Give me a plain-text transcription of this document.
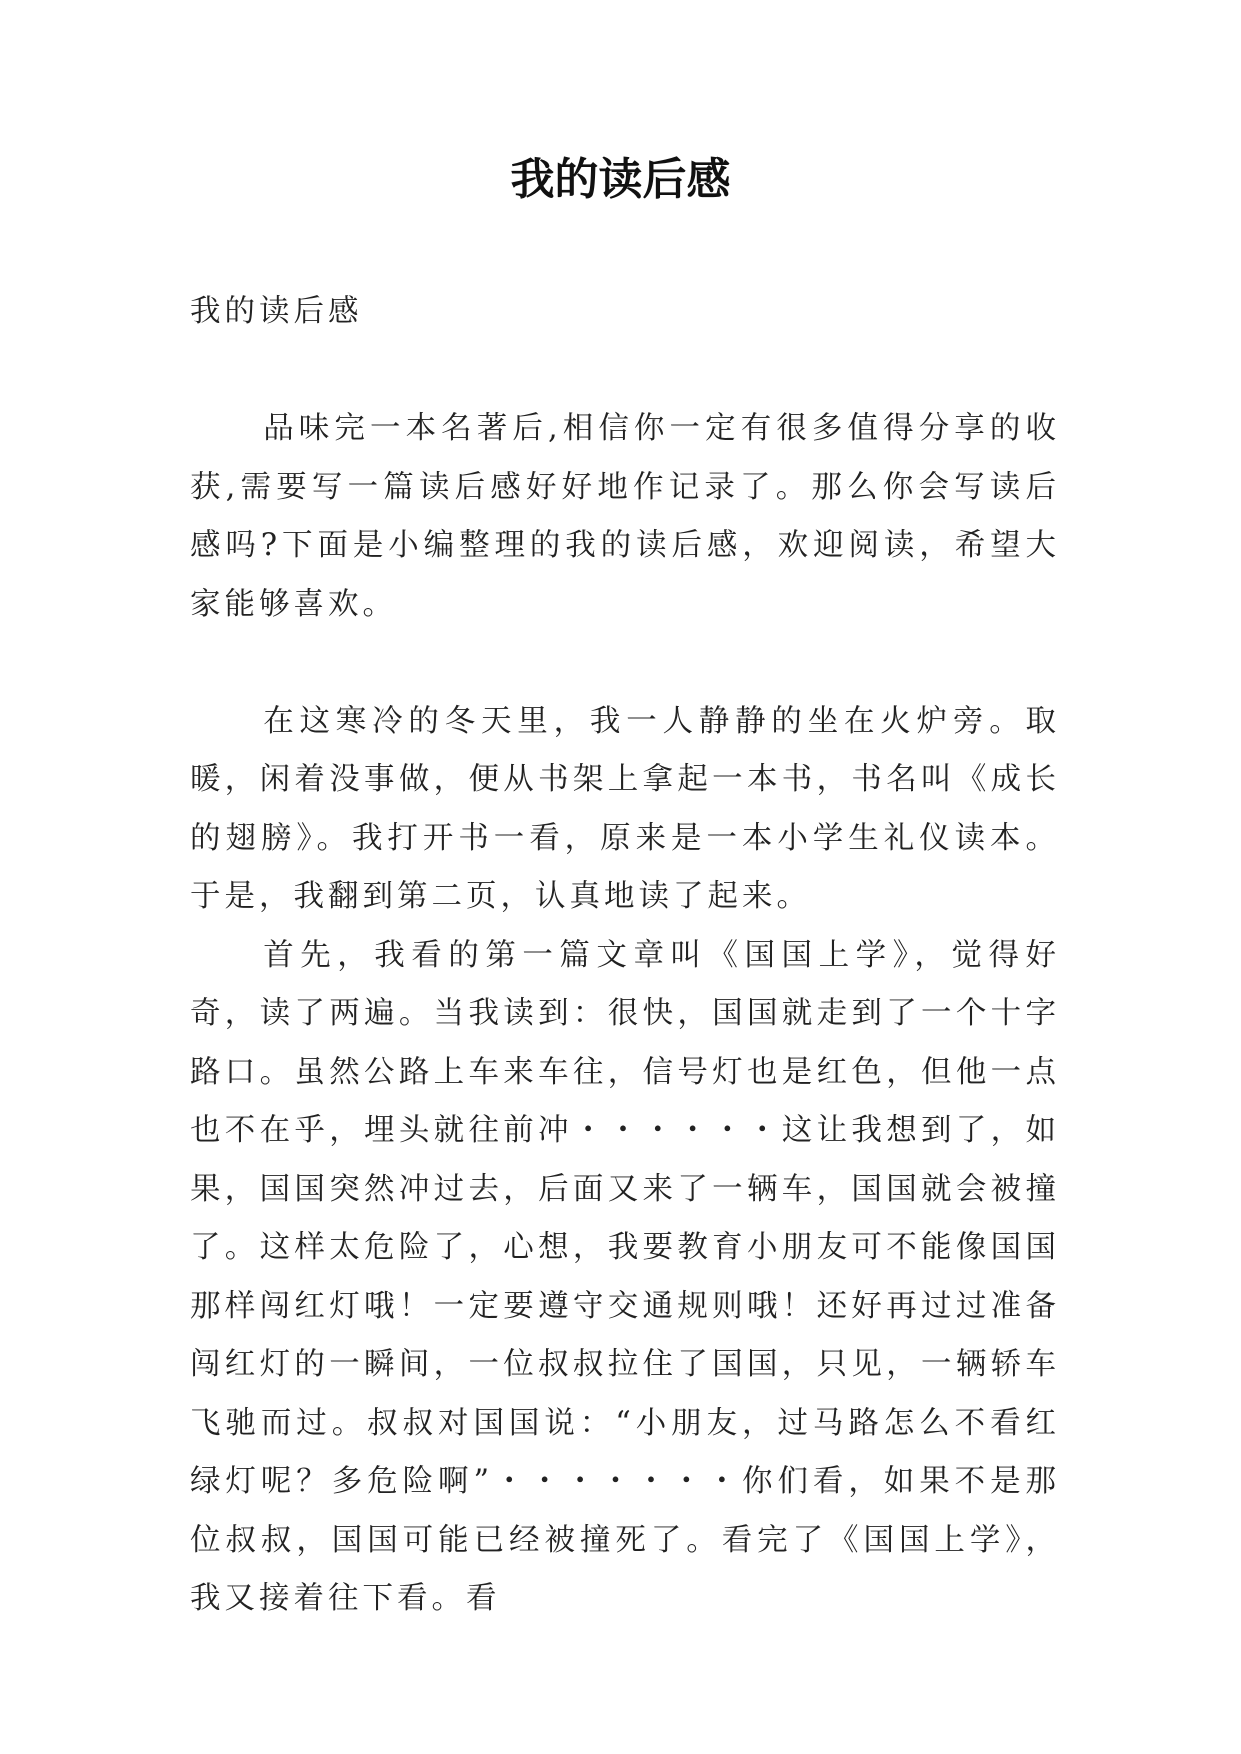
我的读后感

我的读后感

品味完一本名著后,相信你一定有很多值得分享的收获,需要写一篇读后感好好地作记录了。那么你会写读后感吗?下面是小编整理的我的读后感，欢迎阅读，希望大家能够喜欢。

在这寒冷的冬天里，我一人静静的坐在火炉旁。取暖，闲着没事做，便从书架上拿起一本书，书名叫《成长的翅膀》。我打开书一看，原来是一本小学生礼仪读本。于是，我翻到第二页，认真地读了起来。

首先，我看的第一篇文章叫《国国上学》，觉得好奇，读了两遍。当我读到：很快，国国就走到了一个十字路口。虽然公路上车来车往，信号灯也是红色，但他一点也不在乎，埋头就往前冲・・・・・・这让我想到了，如果，国国突然冲过去，后面又来了一辆车，国国就会被撞了。这样太危险了，心想，我要教育小朋友可不能像国国那样闯红灯哦！一定要遵守交通规则哦！还好再过过准备闯红灯的一瞬间，一位叔叔拉住了国国，只见，一辆轿车飞驰而过。叔叔对国国说：“小朋友，过马路怎么不看红绿灯呢？多危险啊”・・・・・・・你们看，如果不是那位叔叔，国国可能已经被撞死了。看完了《国国上学》，我又接着往下看。看
